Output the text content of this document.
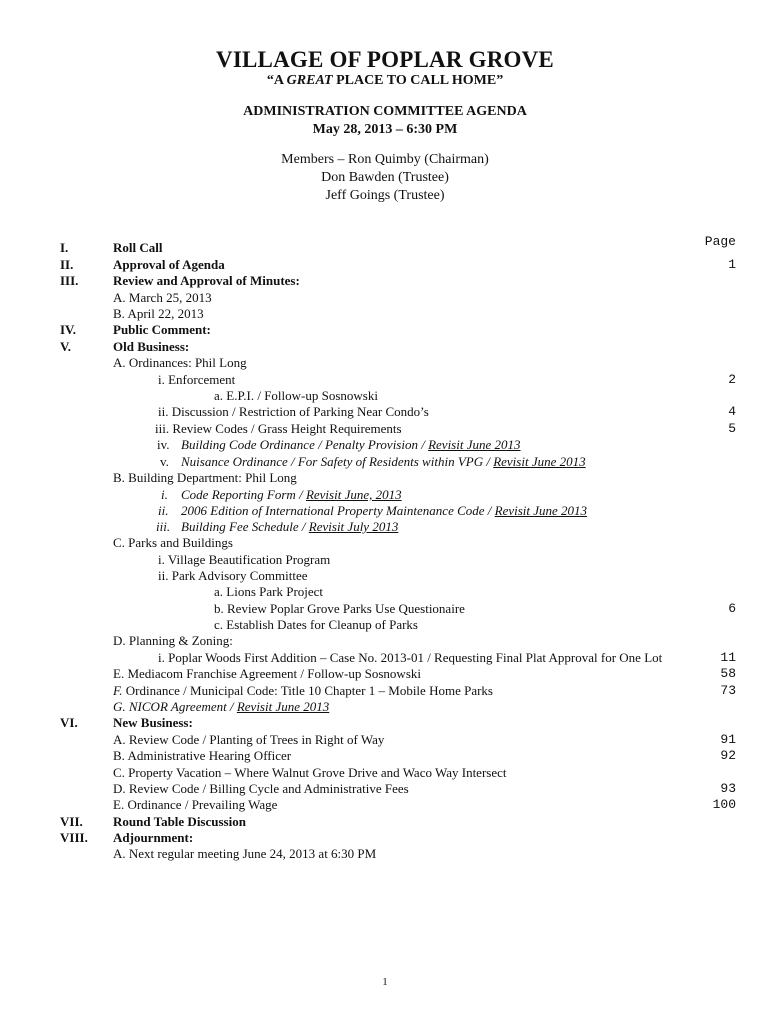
VILLAGE OF POPLAR GROVE
“A GREAT PLACE TO CALL HOME”
ADMINISTRATION COMMITTEE AGENDA
May 28, 2013 – 6:30 PM
Members – Ron Quimby (Chairman)
Don Bawden (Trustee)
Jeff Goings (Trustee)
Page
I.	Roll Call
II.	Approval of Agenda	1
III.	Review and Approval of Minutes:
A. March 25, 2013
B. April 22, 2013
IV.	Public Comment:
V.	Old Business:
A. Ordinances: Phil Long
i. Enforcement	2
a. E.P.I. / Follow-up Sosnowski
ii. Discussion / Restriction of Parking Near Condo’s	4
iii. Review Codes / Grass Height Requirements	5
iv. Building Code Ordinance / Penalty Provision / Revisit June 2013
v. Nuisance Ordinance / For Safety of Residents within VPG / Revisit June 2013
B. Building Department: Phil Long
i. Code Reporting Form / Revisit June, 2013
ii. 2006 Edition of International Property Maintenance Code / Revisit June 2013
iii. Building Fee Schedule / Revisit July 2013
C. Parks and Buildings
i. Village Beautification Program
ii. Park Advisory Committee
a. Lions Park Project
b. Review Poplar Grove Parks Use Questionaire	6
c. Establish Dates for Cleanup of Parks
D. Planning & Zoning:
i. Poplar Woods First Addition – Case No. 2013-01 / Requesting Final Plat Approval for One Lot	11
E. Mediacom Franchise Agreement / Follow-up Sosnowski	58
F. Ordinance / Municipal Code: Title 10 Chapter 1 – Mobile Home Parks	73
G. NICOR Agreement / Revisit June 2013
VI.	New Business:
A. Review Code / Planting of Trees in Right of Way	91
B. Administrative Hearing Officer	92
C. Property Vacation – Where Walnut Grove Drive and Waco Way Intersect
D. Review Code / Billing Cycle and Administrative Fees	93
E. Ordinance / Prevailing Wage	100
VII. Round Table Discussion
VIII. Adjournment:
A. Next regular meeting June 24, 2013 at 6:30 PM
1
